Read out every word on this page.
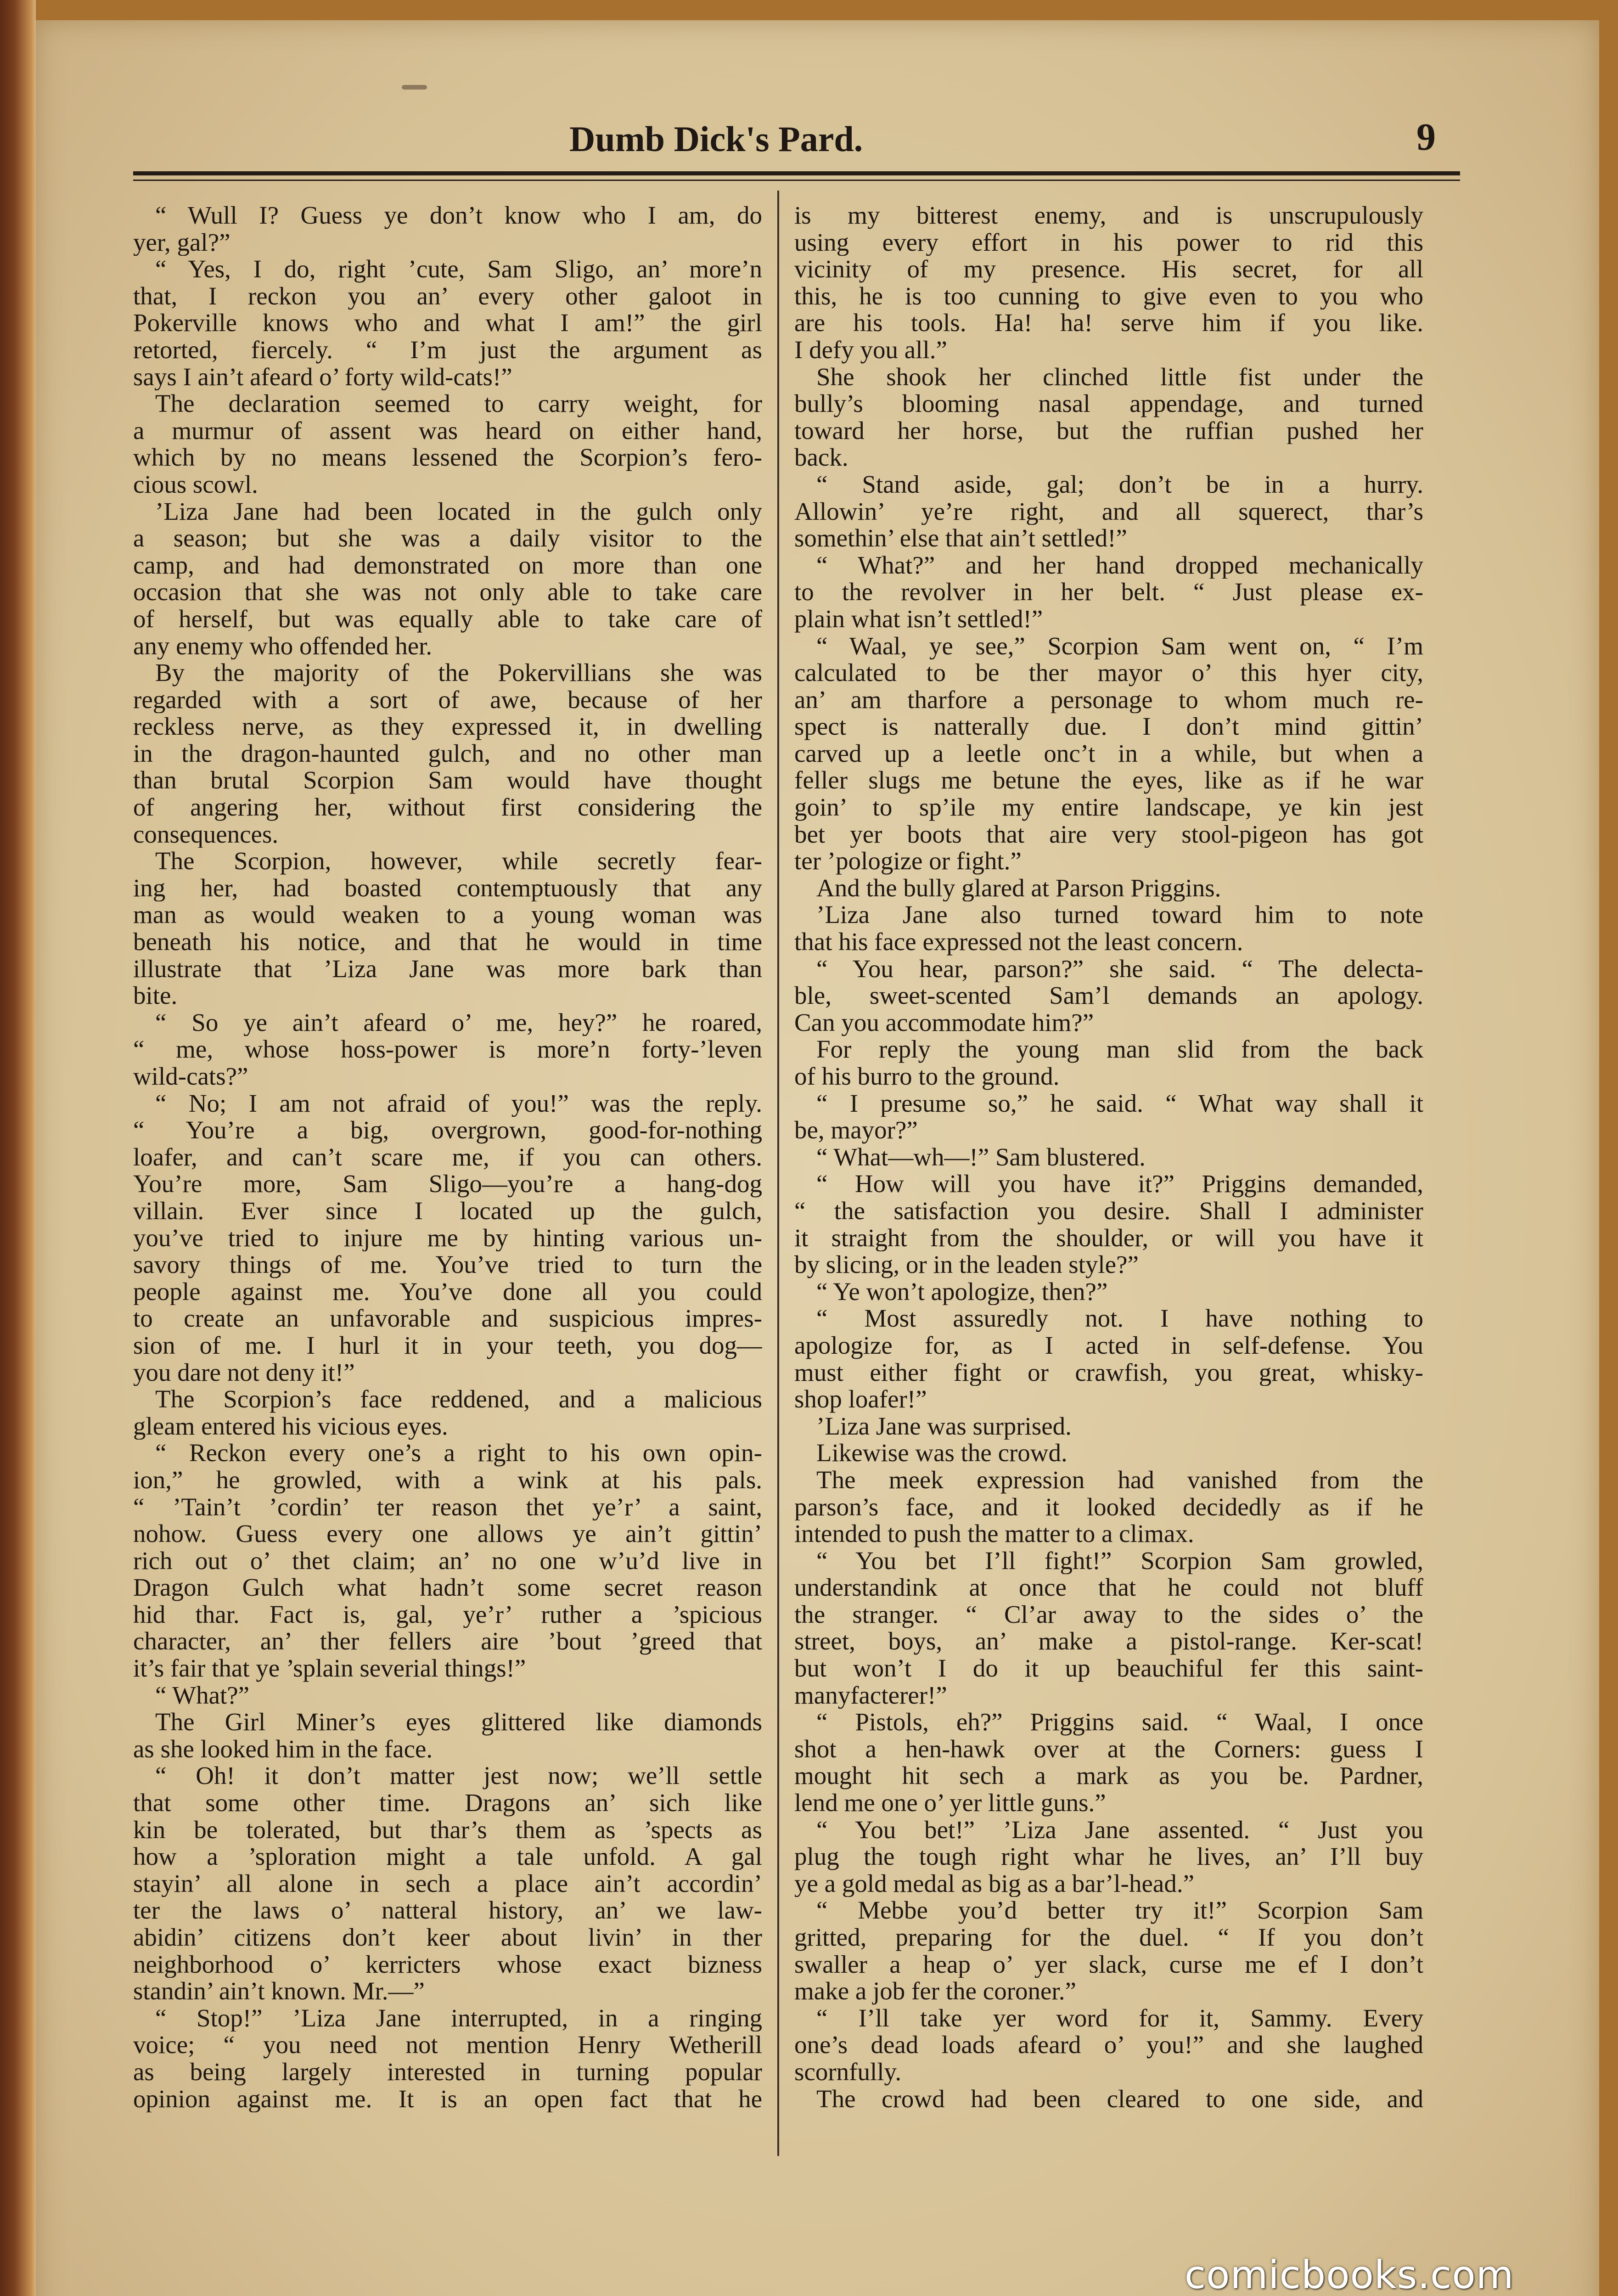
Dumb Dick's Pard.	9
“ Wull I? Guess ye don’t know who I am, do
yer, gal?”
“ Yes, I do, right ’cute, Sam Sligo, an’ more’n
that, I reckon you an’ every other galoot in
Pokerville knows who and what I am!” the girl
retorted, fiercely. “ I’m just the argument as
says I ain’t afeard o’ forty wild-cats!”
The declaration seemed to carry weight, for
a murmur of assent was heard on either hand,
which by no means lessened the Scorpion’s fero-
cious scowl.
’Liza Jane had been located in the gulch only
a season; but she was a daily visitor to the
camp, and had demonstrated on more than one
occasion that she was not only able to take care
of herself, but was equally able to take care of
any enemy who offended her.
By the majority of the Pokervillians she was
regarded with a sort of awe, because of her
reckless nerve, as they expressed it, in dwelling
in the dragon-haunted gulch, and no other man
than brutal Scorpion Sam would have thought
of angering her, without first considering the
consequences.
The Scorpion, however, while secretly fear-
ing her, had boasted contemptuously that any
man as would weaken to a young woman was
beneath his notice, and that he would in time
illustrate that ’Liza Jane was more bark than
bite.
“ So ye ain’t afeard o’ me, hey?” he roared,
“ me, whose hoss-power is more’n forty-’leven
wild-cats?”
“ No; I am not afraid of you!” was the reply.
“ You’re a big, overgrown, good-for-nothing
loafer, and can’t scare me, if you can others.
You’re more, Sam Sligo—you’re a hang-dog
villain. Ever since I located up the gulch,
you’ve tried to injure me by hinting various un-
savory things of me. You’ve tried to turn the
people against me. You’ve done all you could
to create an unfavorable and suspicious impres-
sion of me. I hurl it in your teeth, you dog—
you dare not deny it!”
The Scorpion’s face reddened, and a malicious
gleam entered his vicious eyes.
“ Reckon every one’s a right to his own opin-
ion,” he growled, with a wink at his pals.
“ ’Tain’t ’cordin’ ter reason thet ye’r’ a saint,
nohow. Guess every one allows ye ain’t gittin’
rich out o’ thet claim; an’ no one w’u’d live in
Dragon Gulch what hadn’t some secret reason
hid thar. Fact is, gal, ye’r’ ruther a ’spicious
character, an’ ther fellers aire ’bout ’greed that
it’s fair that ye ’splain severial things!”
“ What?”
The Girl Miner’s eyes glittered like diamonds
as she looked him in the face.
“ Oh! it don’t matter jest now; we’ll settle
that some other time. Dragons an’ sich like
kin be tolerated, but thar’s them as ’spects as
how a ’sploration might a tale unfold. A gal
stayin’ all alone in sech a place ain’t accordin’
ter the laws o’ natteral history, an’ we law-
abidin’ citizens don’t keer about livin’ in ther
neighborhood o’ kerricters whose exact bizness
standin’ ain’t known. Mr.—”
“ Stop!” ’Liza Jane interrupted, in a ringing
voice; “ you need not mention Henry Wetherill
as being largely interested in turning popular
opinion against me. It is an open fact that he
is my bitterest enemy, and is unscrupulously
using every effort in his power to rid this
vicinity of my presence. His secret, for all
this, he is too cunning to give even to you who
are his tools. Ha! ha! serve him if you like.
I defy you all.”
She shook her clinched little fist under the
bully’s blooming nasal appendage, and turned
toward her horse, but the ruffian pushed her
back.
“ Stand aside, gal; don’t be in a hurry.
Allowin’ ye’re right, and all squerect, thar’s
somethin’ else that ain’t settled!”
“ What?” and her hand dropped mechanically
to the revolver in her belt. “ Just please ex-
plain what isn’t settled!”
“ Waal, ye see,” Scorpion Sam went on, “ I’m
calculated to be ther mayor o’ this hyer city,
an’ am tharfore a personage to whom much re-
spect is natterally due. I don’t mind gittin’
carved up a leetle onc’t in a while, but when a
feller slugs me betune the eyes, like as if he war
goin’ to sp’ile my entire landscape, ye kin jest
bet yer boots that aire very stool-pigeon has got
ter ’pologize or fight.”
And the bully glared at Parson Priggins.
’Liza Jane also turned toward him to note
that his face expressed not the least concern.
“ You hear, parson?” she said. “ The delecta-
ble, sweet-scented Sam’l demands an apology.
Can you accommodate him?”
For reply the young man slid from the back
of his burro to the ground.
“ I presume so,” he said. “ What way shall it
be, mayor?”
“ What—wh—!” Sam blustered.
“ How will you have it?” Priggins demanded,
“ the satisfaction you desire. Shall I administer
it straight from the shoulder, or will you have it
by slicing, or in the leaden style?”
“ Ye won’t apologize, then?”
“ Most assuredly not. I have nothing to
apologize for, as I acted in self-defense. You
must either fight or crawfish, you great, whisky-
shop loafer!”
’Liza Jane was surprised.
Likewise was the crowd.
The meek expression had vanished from the
parson’s face, and it looked decidedly as if he
intended to push the matter to a climax.
“ You bet I’ll fight!” Scorpion Sam growled,
understandink at once that he could not bluff
the stranger. “ Cl’ar away to the sides o’ the
street, boys, an’ make a pistol-range. Ker-scat!
but won’t I do it up beauchiful fer this saint-
manyfacterer!”
“ Pistols, eh?” Priggins said. “ Waal, I once
shot a hen-hawk over at the Corners: guess I
mought hit sech a mark as you be. Pardner,
lend me one o’ yer little guns.”
“ You bet!” ’Liza Jane assented. “ Just you
plug the tough right whar he lives, an’ I’ll buy
ye a gold medal as big as a bar’l-head.”
“ Mebbe you’d better try it!” Scorpion Sam
gritted, preparing for the duel. “ If you don’t
swaller a heap o’ yer slack, curse me ef I don’t
make a job fer the coroner.”
“ I’ll take yer word for it, Sammy. Every
one’s dead loads afeard o’ you!” and she laughed
scornfully.
The crowd had been cleared to one side, and
comicbooks.com
